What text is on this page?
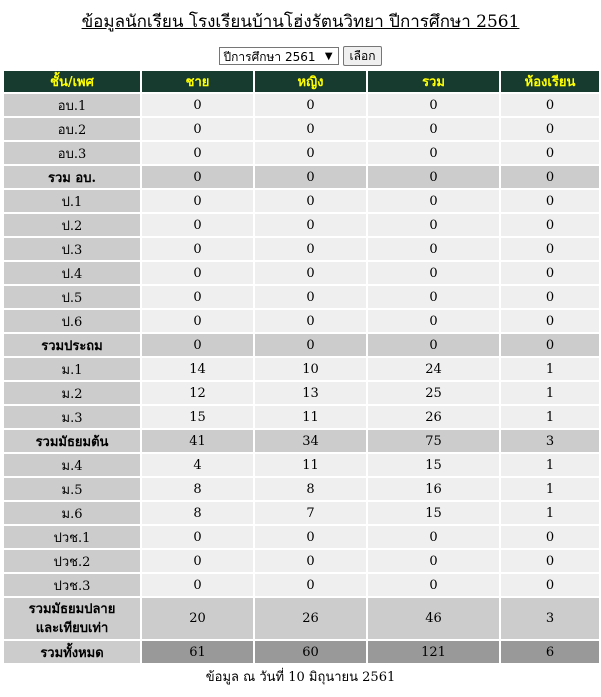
ข้อมูลนักเรียน โรงเรียนบ้านโฮ่งรัตนวิทยา ปีการศึกษา 2561
ปีการศึกษา 2561 ▼ เลือก
ชั้น/เพศ	ชาย	หญิง	รวม	ห้องเรียน
อบ.1	0	0	0	0
อบ.2	0	0	0	0
อบ.3	0	0	0	0
รวม อบ.	0	0	0	0
ป.1	0	0	0	0
ป.2	0	0	0	0
ป.3	0	0	0	0
ป.4	0	0	0	0
ป.5	0	0	0	0
ป.6	0	0	0	0
รวมประถม	0	0	0	0
ม.1	14	10	24	1
ม.2	12	13	25	1
ม.3	15	11	26	1
รวมมัธยมต้น	41	34	75	3
ม.4	4	11	15	1
ม.5	8	8	16	1
ม.6	8	7	15	1
ปวช.1	0	0	0	0
ปวช.2	0	0	0	0
ปวช.3	0	0	0	0
รวมมัธยมปลาย
และเทียบเท่า	20	26	46	3
รวมทั้งหมด	61	60	121	6
ข้อมูล ณ วันที่ 10 มิถุนายน 2561
